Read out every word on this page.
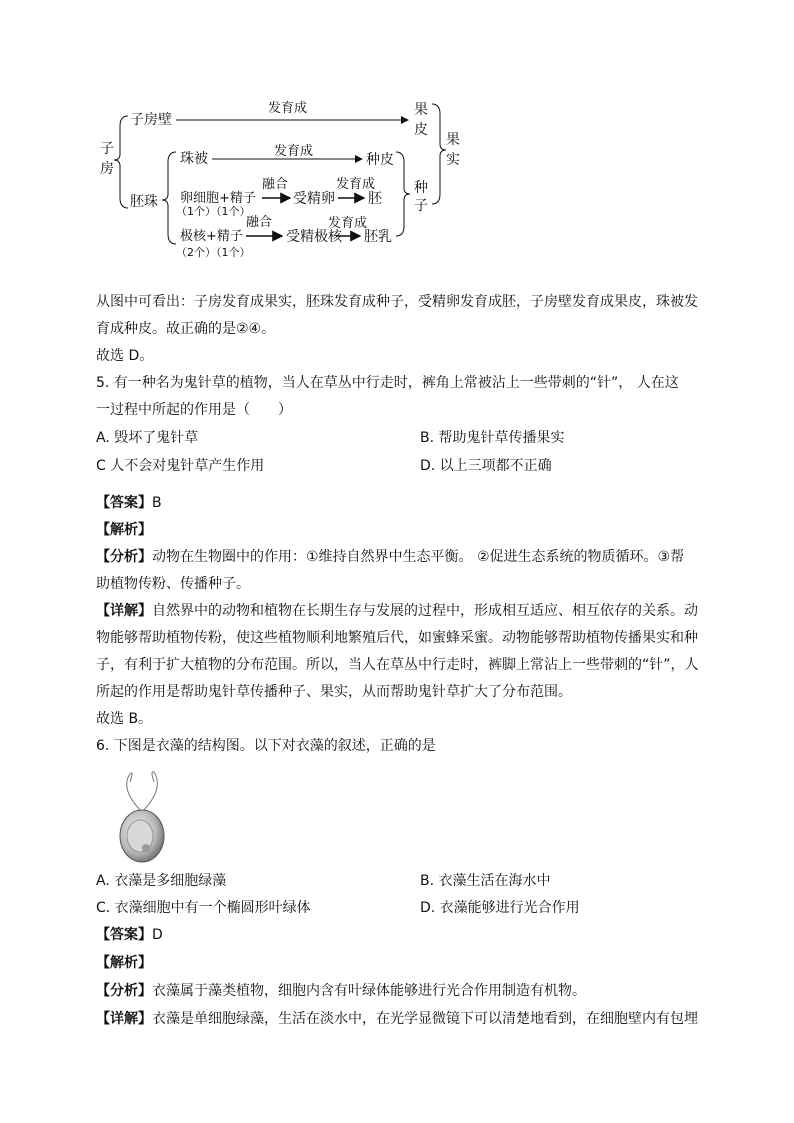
子
房
子房壁
发育成	果
皮
胚珠
珠被	发育成
种皮
卵细胞+精子
（1个）（1个）
融合
受精卵
发育成
胚
极核+精子
（2个）（1个）
融合
受精极核
发育成
胚乳
种
子
果
实
从图中可看出：子房发育成果实，胚珠发育成种子，受精卵发育成胚，子房壁发育成果皮，珠被发
育成种皮。故正确的是②④。
故选 D。
5. 有一种名为鬼针草的植物，当人在草丛中行走时，裤角上常被沾上一些带刺的“针”， 人在这
一过程中所起的作用是（　　）
A. 毁坏了鬼针草	B. 帮助鬼针草传播果实
C 人不会对鬼针草产生作用	D. 以上三项都不正确
【答案】B
【解析】
【分析】动物在生物圈中的作用：①维持自然界中生态平衡。 ②促进生态系统的物质循环。③帮
助植物传粉、传播种子。
【详解】自然界中的动物和植物在长期生存与发展的过程中，形成相互适应、相互依存的关系。动
物能够帮助植物传粉，使这些植物顺利地繁殖后代，如蜜蜂采蜜。动物能够帮助植物传播果实和种
子，有利于扩大植物的分布范围。所以，当人在草丛中行走时，裤脚上常沾上一些带刺的“针”，人
所起的作用是帮助鬼针草传播种子、果实，从而帮助鬼针草扩大了分布范围。
故选 B。
6. 下图是衣藻的结构图。以下对衣藻的叙述，正确的是
A. 衣藻是多细胞绿藻	B. 衣藻生活在海水中
C. 衣藻细胞中有一个椭圆形叶绿体	D. 衣藻能够进行光合作用
【答案】D
【解析】
【分析】衣藻属于藻类植物，细胞内含有叶绿体能够进行光合作用制造有机物。
【详解】衣藻是单细胞绿藻，生活在淡水中，在光学显微镜下可以清楚地看到，在细胞壁内有包埋
